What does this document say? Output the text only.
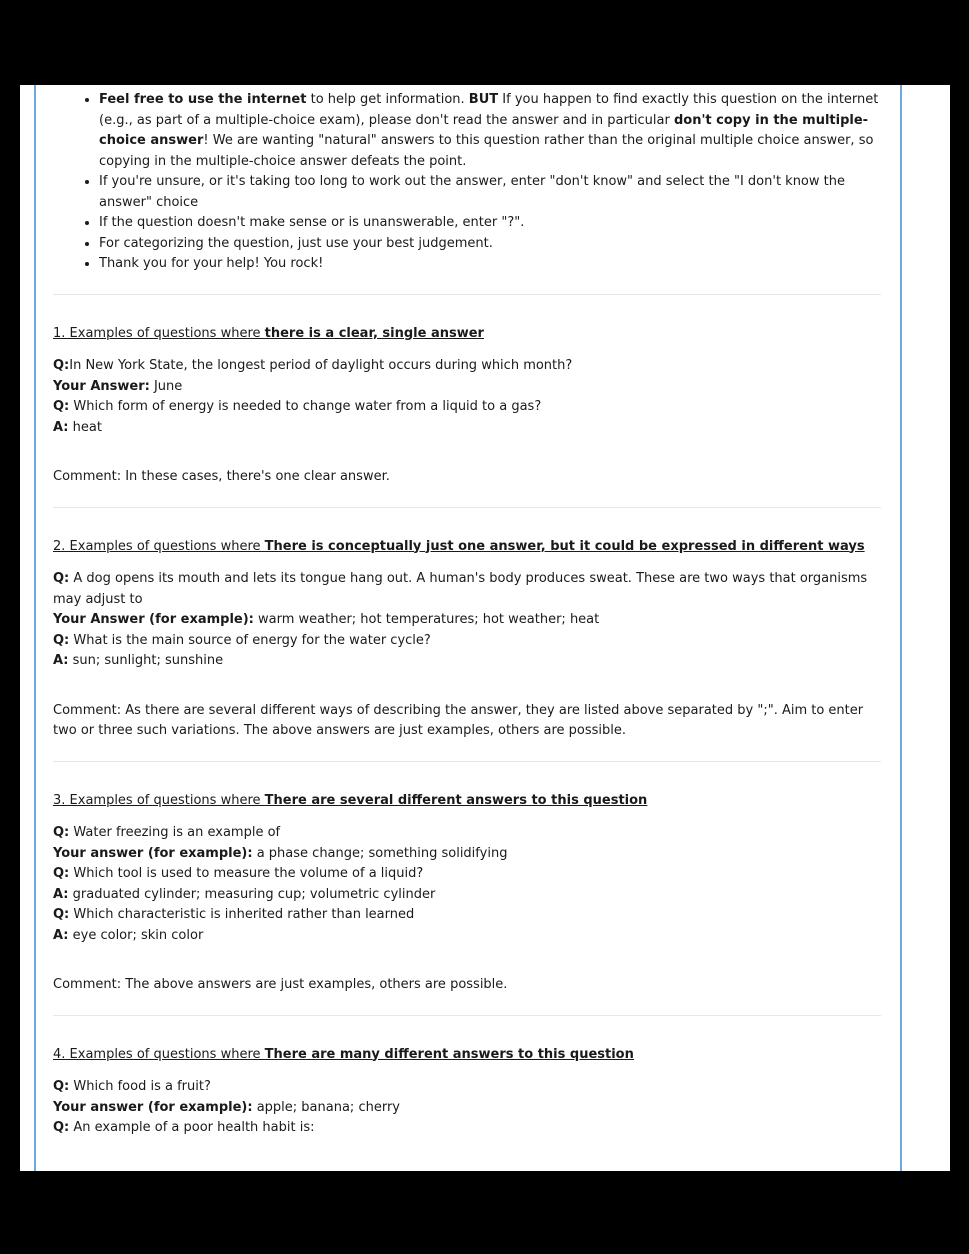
• Feel free to use the internet to help get information. BUT If you happen to find exactly this question on the internet (e.g., as part of a multiple-choice exam), please don't read the answer and in particular don't copy in the multiple-choice answer! We are wanting "natural" answers to this question rather than the original multiple choice answer, so copying in the multiple-choice answer defeats the point.
• If you're unsure, or it's taking too long to work out the answer, enter "don't know" and select the "I don't know the answer" choice
• If the question doesn't make sense or is unanswerable, enter "?".
• For categorizing the question, just use your best judgement.
• Thank you for your help! You rock!
1. Examples of questions where there is a clear, single answer
Q:In New York State, the longest period of daylight occurs during which month?
Your Answer: June
Q: Which form of energy is needed to change water from a liquid to a gas?
A: heat
Comment: In these cases, there's one clear answer.
2. Examples of questions where There is conceptually just one answer, but it could be expressed in different ways
Q: A dog opens its mouth and lets its tongue hang out. A human's body produces sweat. These are two ways that organisms may adjust to
Your Answer (for example): warm weather; hot temperatures; hot weather; heat
Q: What is the main source of energy for the water cycle?
A: sun; sunlight; sunshine
Comment: As there are several different ways of describing the answer, they are listed above separated by ";". Aim to enter two or three such variations. The above answers are just examples, others are possible.
3. Examples of questions where There are several different answers to this question
Q: Water freezing is an example of
Your answer (for example): a phase change; something solidifying
Q: Which tool is used to measure the volume of a liquid?
A: graduated cylinder; measuring cup; volumetric cylinder
Q: Which characteristic is inherited rather than learned
A: eye color; skin color
Comment: The above answers are just examples, others are possible.
4. Examples of questions where There are many different answers to this question
Q: Which food is a fruit?
Your answer (for example): apple; banana; cherry
Q: An example of a poor health habit is:
